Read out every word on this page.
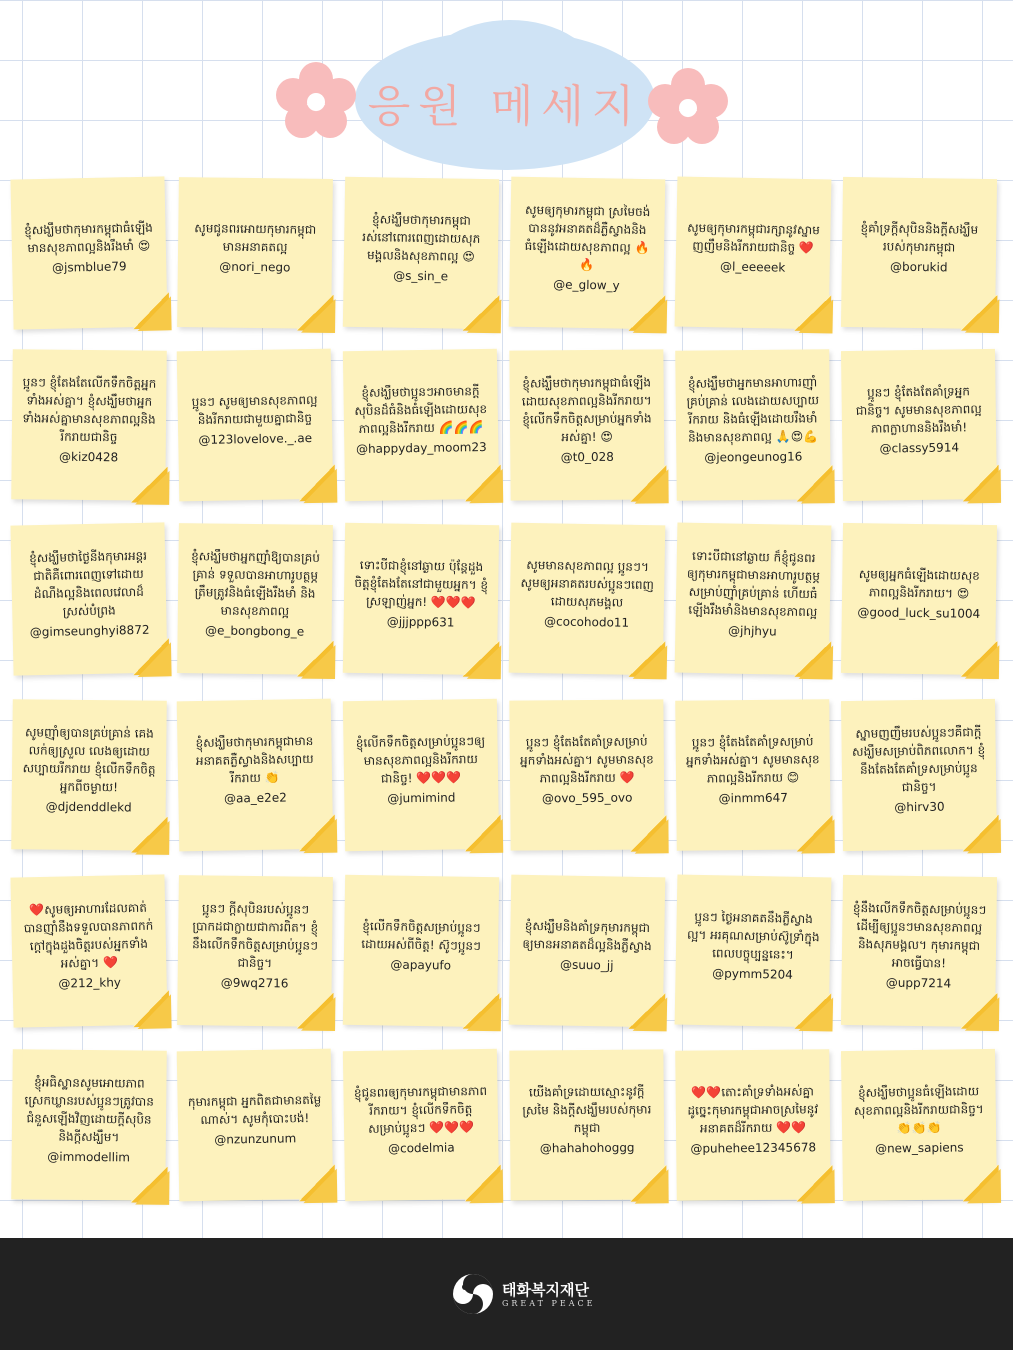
응원 메세지
ខ្ញុំសង្ឃឹមថាកុមារកម្ពុជាធំឡើងមានសុខភាពល្អនិងរឹងមាំ 😍
@jsmblue79
សូមជូនពរអោយកុមារកម្ពុជាមានអនាគតល្អ
@nori_nego
ខ្ញុំសង្ឃឹមថាកុមារកម្ពុជារស់នៅពោរពេញដោយសុភមង្គលនិងសុខភាពល្អ 😍
@s_sin_e
សូមឲ្យកុមារកម្ពុជា ស្រមៃចង់បាននូវអនាគតដ៏ភ្លឺស្វាងនិងធំឡើងដោយសុខភាពល្អ 🔥🔥
@e_glow_y
សូមឲ្យកុមារកម្ពុជារក្សានូវស្នាមញញឹមនិងរីករាយជានិច្ច ❤️
@l_eeeeek
ខ្ញុំគាំទ្រក្តីសុបិននិងក្តីសង្ឃឹមរបស់កុមារកម្ពុជា
@borukid
ប្អូនៗ ខ្ញុំតែងតែលើកទឹកចិត្តអ្នកទាំងអស់គ្នា។ ខ្ញុំសង្ឃឹមថាអ្នកទាំងអស់គ្នាមានសុខភាពល្អនិងរីករាយជានិច្ច
@kiz0428
ប្អូនៗ សូមឲ្យមានសុខភាពល្អនិងរីករាយជាមួយគ្នាជានិច្ច
@123lovelove._.ae
ខ្ញុំសង្ឃឹមថាប្អូនៗអាចមានក្តីសុបិនដ៏ធំនិងធំឡើងដោយសុខភាពល្អនិងរីករាយ 🌈🌈🌈
@happyday_moom23
ខ្ញុំសង្ឃឹមថាកុមារកម្ពុជាធំឡើងដោយសុខភាពល្អនិងរីករាយ។ ខ្ញុំលើកទឹកចិត្តសម្រាប់អ្នកទាំងអស់គ្នា! 😍
@t0_028
ខ្ញុំសង្ឃឹមថាអ្នកមានអាហារញ៉ាំគ្រប់គ្រាន់ លេងដោយសប្បាយរីករាយ និងធំឡើងដោយរឹងមាំ និងមានសុខភាពល្អ 🙏😍💪
@jeongeunog16
ប្អូនៗ ខ្ញុំតែងតែគាំទ្រអ្នកជានិច្ច។ សូមមានសុខភាពល្អ ភាពក្លាហាននិងរឹងមាំ!
@classy5914
ខ្ញុំសង្ឃឹមថាថ្ងៃនីងកុមារអន្តរជាតិគឺពោរពេញទៅដោយដំណឹងល្អនិងពេលវេលាដ៏ស្រស់បំព្រង
@gimseunghyi8872
ខ្ញុំសង្ឃឹមថាអ្នកញ៉ាំឱ្យបានគ្រប់គ្រាន់ ទទួលបានអាហារូបត្ថម្ភត្រឹមត្រូវនិងធំឡើងរឹងមាំ និងមានសុខភាពល្អ
@e_bongbong_e
ទោះបីជាខ្ញុំនៅឆ្ងាយ ប៉ុន្តែដួងចិត្តខ្ញុំតែងតែនៅជាមួយអ្នក។ ខ្ញុំស្រឡាញ់អ្នក! ❤️❤️❤️
@jjjppp631
សូមមានសុខភាពល្អ ប្អូនៗ។ សូមឲ្យអនាគតរបស់ប្អូនៗពេញដោយសុភមង្គល
@cocohodo11
ទោះបីជានៅឆ្ងាយ ក៏ខ្ញុំជូនពរឲ្យកុមារកម្ពុជាមានអាហារូបត្ថម្ភសម្រាប់ញ៉ាំគ្រប់គ្រាន់ ហើយធំឡើងរឹងមាំនិងមានសុខភាពល្អ
@jhjhyu
សូមឲ្យអ្នកធំឡើងដោយសុខភាពល្អនិងរីករាយ។ 😍
@good_luck_su1004
សូមញ៉ាំឲ្យបានគ្រប់គ្រាន់ គេងលក់ឲ្យស្រួល លេងឲ្យដោយសប្បាយរីករាយ ខ្ញុំលើកទឹកចិត្តអ្នកពីចម្ងាយ!
@djdenddlekd
ខ្ញុំសង្ឃឹមថាកុមារកម្ពុជាមានអនាគតភ្លឺស្វាងនិងសប្បាយរីករាយ 👏
@aa_e2e2
ខ្ញុំលើកទឹកចិត្តសម្រាប់ប្អូនៗឲ្យមានសុខភាពល្អនិងរីករាយជានិច្ច! ❤️❤️❤️
@jumimind
ប្អូនៗ ខ្ញុំតែងតែគាំទ្រសម្រាប់អ្នកទាំងអស់គ្នា។ សូមមានសុខភាពល្អនិងរីករាយ ❤️
@ovo_595_ovo
ប្អូនៗ ខ្ញុំតែងតែគាំទ្រសម្រាប់អ្នកទាំងអស់គ្នា។ សូមមានសុខភាពល្អនិងរីករាយ 😊
@inmm647
ស្នាមញញឹមរបស់ប្អូនៗគឺជាក្តីសង្ឃឹមសម្រាប់ពិភពលោក។ ខ្ញុំនឹងតែងតែគាំទ្រសម្រាប់ប្អូនជានិច្ច។
@hirv30
❤️សូមឲ្យអាហារដែលគាត់បានញ៉ាំនឹងទទួលបានភាពកក់ក្តៅក្នុងដួងចិត្តរបស់អ្នកទាំងអស់គ្នា។ ❤️
@212_khy
ប្អូនៗ ក្តីសុបិនរបស់ប្អូនៗប្រាកដជាក្លាយជាការពិត។ ខ្ញុំនឹងលើកទឹកចិត្តសម្រាប់ប្អូនៗជានិច្ច។
@9wq2716
ខ្ញុំលើកទឹកចិត្តសម្រាប់ប្អូនៗដោយអស់ពីចិត្ត! ស៊ូៗប្អូនៗ
@apayufo
ខ្ញុំសង្ឃឹមនិងគាំទ្រកុមារកម្ពុជាឲ្យមានអនាគតដ៏ល្អនិងភ្លឺស្វាង
@suuo_jj
ប្អូនៗ ថ្ងៃអនាគតនឹងភ្លឺស្វាងល្អ។ អរគុណសម្រាប់ស៊ូទ្រាំក្នុងពេលបច្ចុប្បន្ននេះ។
@pymm5204
ខ្ញុំនឹងលើកទឹកចិត្តសម្រាប់ប្អូនៗដើម្បីឲ្យប្អូនៗមានសុខភាពល្អ និងសុភមង្គល។ កុមារកម្ពុជាអាចធ្វើបាន!
@upp7214
ខ្ញុំអធិស្ឋានសូមអោយភាពស្រេកឃ្លានរបស់ប្អូនៗត្រូវបានជំនួសឡើងវិញដោយក្តីសុបិននិងក្តីសង្ឃឹម។
@immodellim
កុមារកម្ពុជា អ្នកពិតជាមានតម្លៃណាស់។ សូមកុំបោះបង់!
@nzunzunum
ខ្ញុំជូនពរឲ្យកុមារកម្ពុជាមានភាពរីករាយ។ ខ្ញុំលើកទឹកចិត្តសម្រាប់ប្អូនៗ ❤️❤️❤️
@codelmia
យើងគាំទ្រដោយស្មោះនូវក្តីស្រមៃ និងក្តីសង្ឃឹមរបស់កុមារកម្ពុជា
@hahahohoggg
❤️❤️តោះគាំទ្រទាំងអស់គ្នា ដូច្នេះកុមារកម្ពុជាអាចស្រមៃនូវអនាគតដ៏រីករាយ ❤️❤️
@puhehee12345678
ខ្ញុំសង្ឃឹមថាប្អូនធំឡើងដោយសុខភាពល្អនិងរីករាយជានិច្ច។ 👏👏👏
@new_sapiens
태화복지재단
GREAT PEACE
